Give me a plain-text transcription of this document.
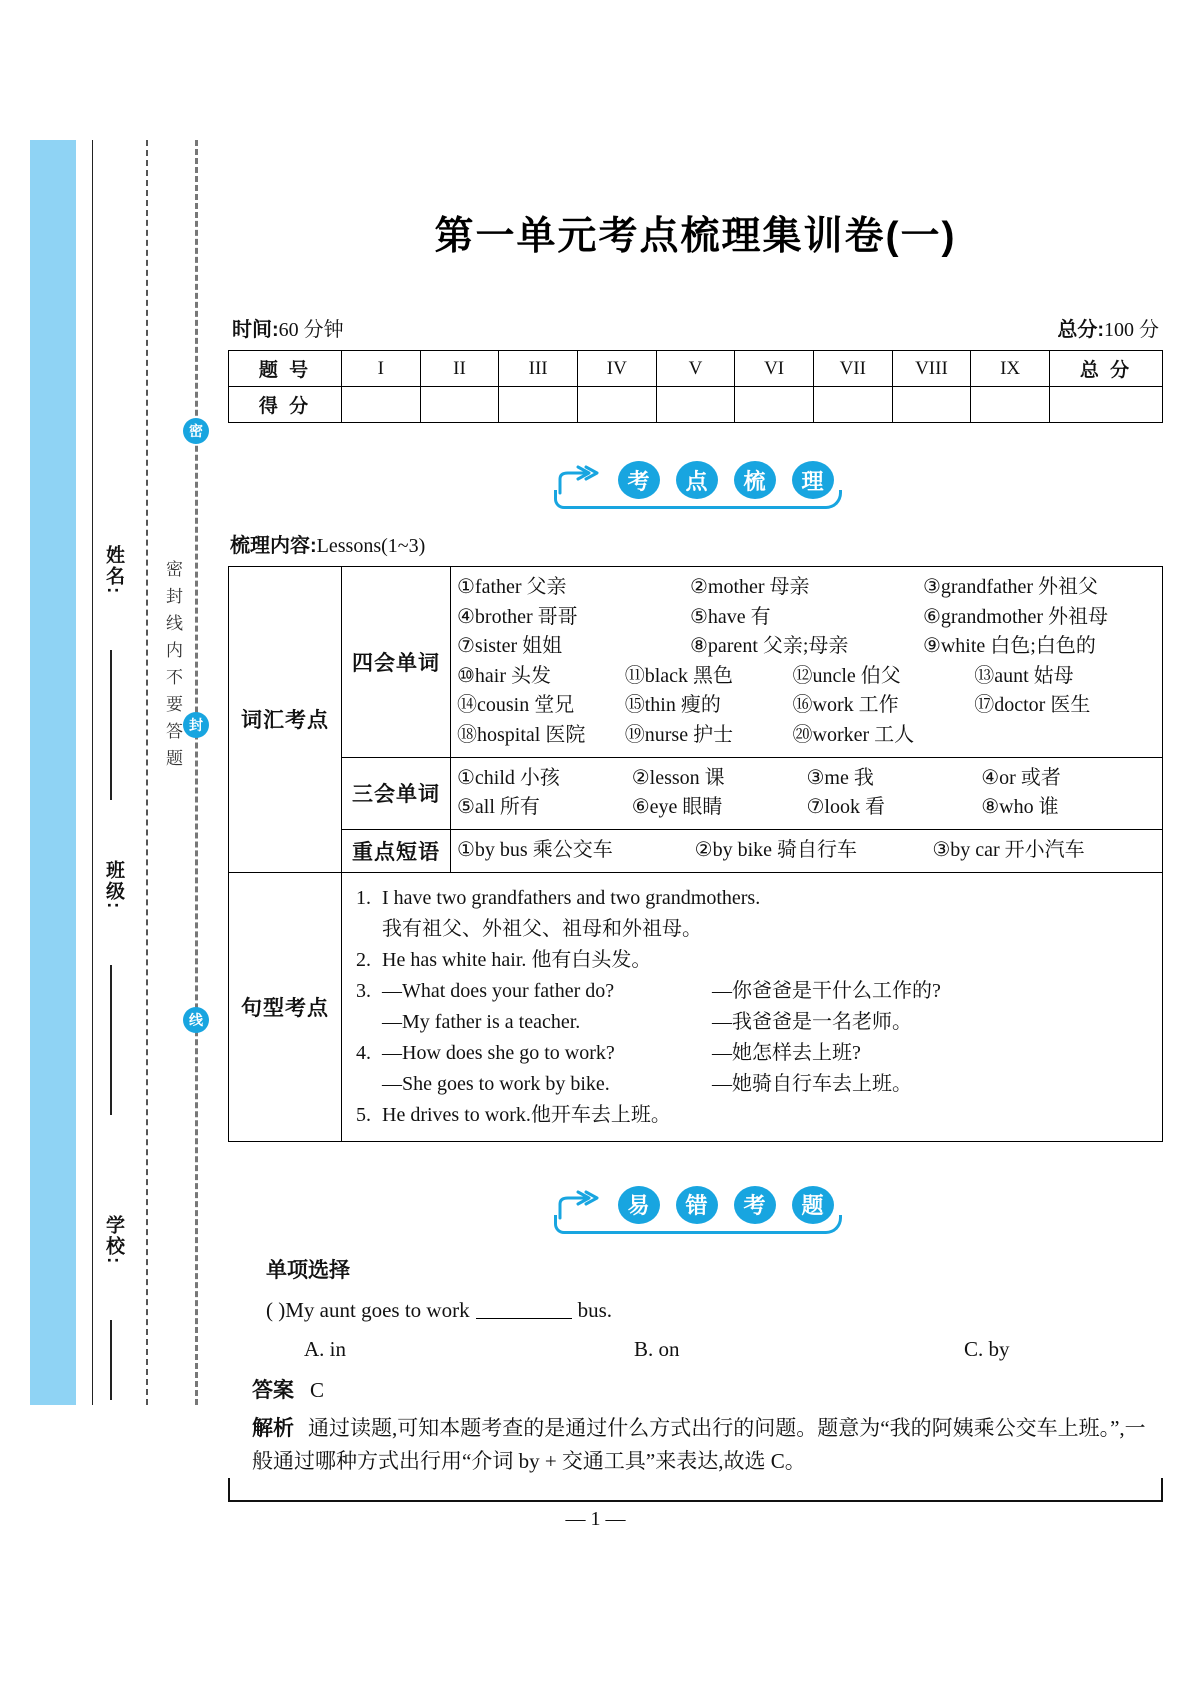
姓名:
班级:
学校:
密封线内不要答题
密
封
线
第一单元考点梳理集训卷(一)
时间:60 分钟	总分:100 分
题 号	I	II	III	IV	V	VI	VII	VIII	IX	总 分
得 分										
考	点	梳	理
梳理内容:Lessons(1~3)
词汇考点	四会单词	
①father 父亲	②mother 母亲	③grandfather 外祖父
④brother 哥哥	⑤have 有	⑥grandmother 外祖母
⑦sister 姐姐	⑧parent 父亲;母亲	⑨white 白色;白色的
⑩hair 头发	⑪black 黑色	⑫uncle 伯父	⑬aunt 姑母
⑭cousin 堂兄	⑮thin 瘦的	⑯work 工作	⑰doctor 医生
⑱hospital 医院	⑲nurse 护士	⑳worker 工人

三会单词	
①child 小孩	②lesson 课	③me 我	④or 或者
⑤all 所有	⑥eye 眼睛	⑦look 看	⑧who 谁

	重点短语	①by bus 乘公交车 ②by bike 骑自行车 ③by car 开小汽车

句型考点	
1. I have two grandfathers and two grandmothers.
我有祖父、外祖父、祖母和外祖母。
2. He has white hair. 他有白头发。
3. —What does your father do?	—你爸爸是干什么工作的?
—My father is a teacher.	—我爸爸是一名老师。
4. —How does she go to work?	—她怎样去上班?
—She goes to work by bike.	—她骑自行车去上班。
5. He drives to work.他开车去上班。
易	错	考	题
单项选择
( )My aunt goes to work	bus.
A. in	B. on	C. by
答案 C
解析 通过读题,可知本题考查的是通过什么方式出行的问题。题意为“我的阿姨乘公交车上班。”,一般通过哪种方式出行用“介词 by + 交通工具”来表达,故选 C。
— 1 —
